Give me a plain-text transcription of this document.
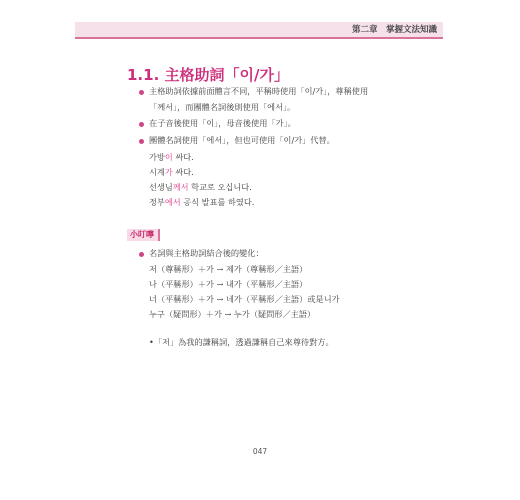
第二章　掌握文法知識
1.1. 主格助詞「이/가」
主格助詞依據前面體言不同，平稱時使用「이/가」，尊稱使用
「께서」，而團體名詞後則使用「에서」。
在子音後使用「이」，母音後使用「가」。
團體名詞使用「에서」，但也可使用「이/가」代替。
가방이 싸다.
시계가 싸다.
선생님께서 학교로 오십니다.
정부에서 공식 발표를 하였다.
小叮嚀
名詞與主格助詞結合後的變化：
저（尊稱形）＋가 → 제가（尊稱形／主語）
나（平稱形）＋가 → 내가（平稱形／主語）
너（平稱形）＋가 → 네가（平稱形／主語）或是니가
누구（疑問形）＋가 → 누가（疑問形／主語）
•「저」為我的謙稱詞，透過謙稱自己來尊待對方。
047
